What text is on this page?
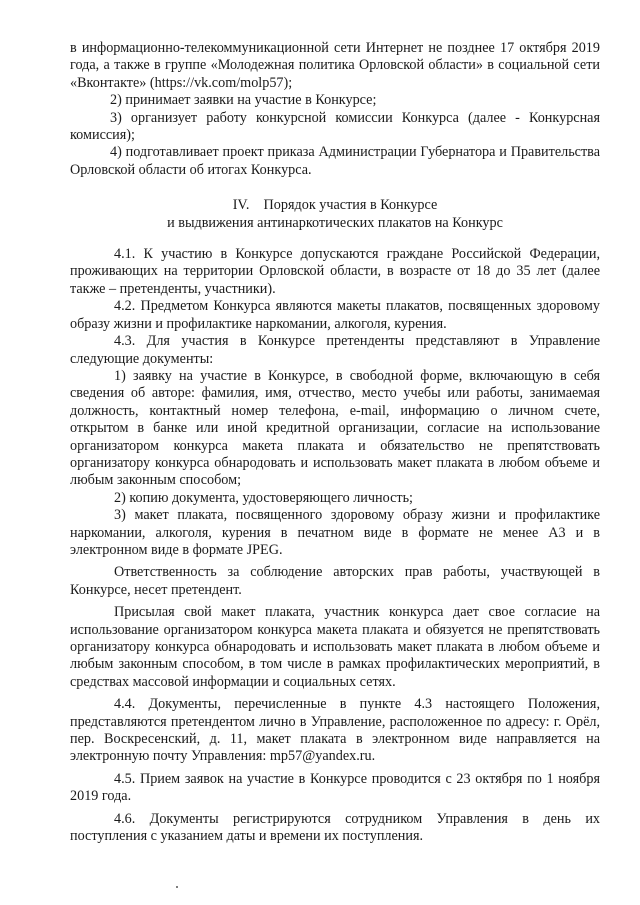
в информационно-телекоммуникационной сети Интернет не позднее 17 октября 2019 года, а также в группе «Молодежная политика Орловской области» в социальной сети «Вконтакте» (https://vk.com/molp57);

2) принимает заявки на участие в Конкурсе;

3) организует работу конкурсной комиссии Конкурса (далее - Конкурсная комиссия);

4) подготавливает проект приказа Администрации Губернатора и Правительства Орловской области об итогах Конкурса.

IV.    Порядок участия в Конкурсе
и выдвижения антинаркотических плакатов на Конкурс

4.1. К участию в Конкурсе допускаются граждане Российской Федерации, проживающих на территории Орловской области, в возрасте от 18 до 35 лет (далее также – претенденты, участники).

4.2. Предметом Конкурса являются макеты плакатов, посвященных здоровому образу жизни и профилактике наркомании, алкоголя, курения.

4.3. Для участия в Конкурсе претенденты представляют в Управление следующие документы:

1) заявку на участие в Конкурсе, в свободной форме, включающую в себя сведения об авторе: фамилия, имя, отчество, место учебы или работы, занимаемая должность, контактный номер телефона, e-mail, информацию о личном счете, открытом в банке или иной кредитной организации, согласие на использование организатором конкурса макета плаката и обязательство не препятствовать организатору конкурса обнародовать и использовать макет плаката в любом объеме и любым законным способом;

2) копию документа, удостоверяющего личность;

3) макет плаката, посвященного здоровому образу жизни и профилактике наркомании, алкоголя, курения в печатном виде в формате не менее А3 и в электронном виде в формате JPEG.

Ответственность за соблюдение авторских прав работы, участвующей в Конкурсе, несет претендент.

Присылая свой макет плаката, участник конкурса дает свое согласие на использование организатором конкурса макета плаката и обязуется не препятствовать организатору конкурса обнародовать и использовать макет плаката в любом объеме и любым законным способом, в том числе в рамках профилактических мероприятий, в средствах массовой информации и социальных сетях.

4.4. Документы, перечисленные в пункте 4.3 настоящего Положения, представляются претендентом лично в Управление, расположенное по адресу: г. Орёл, пер. Воскресенский, д. 11, макет плаката в электронном виде направляется на электронную почту Управления: mp57@yandex.ru.

4.5. Прием заявок на участие в Конкурсе проводится с 23 октября по 1 ноября 2019 года.

4.6. Документы регистрируются сотрудником Управления в день их поступления с указанием даты и времени их поступления.
